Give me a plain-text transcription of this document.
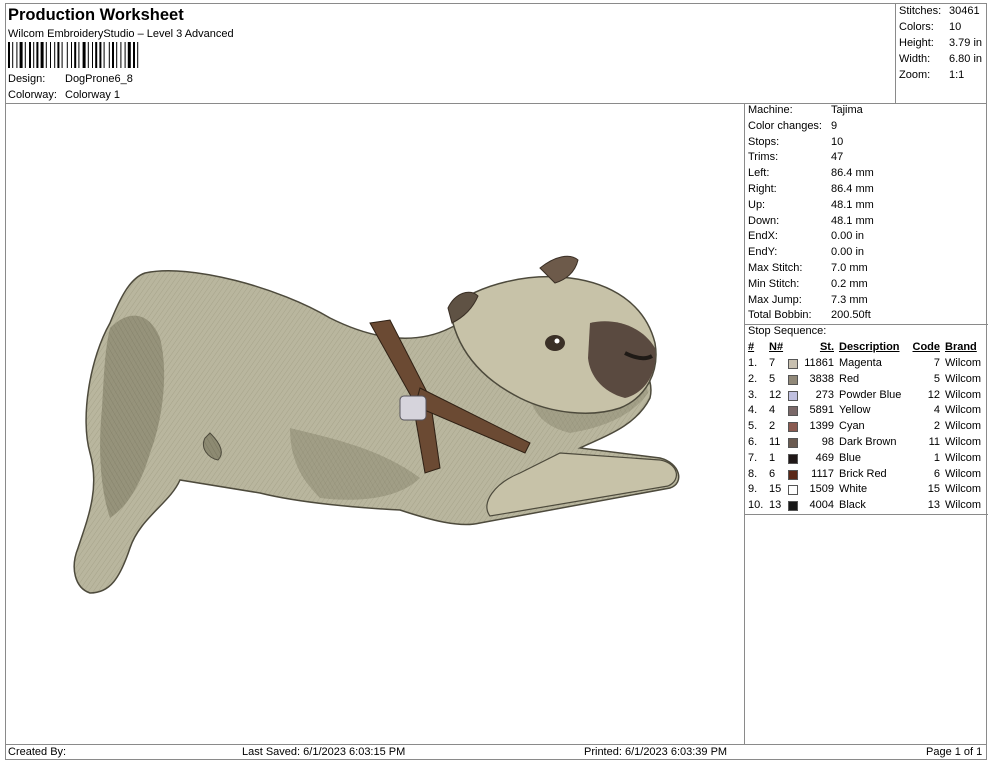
Production Worksheet
Wilcom EmbroideryStudio – Level 3 Advanced
Design: DogProne6_8
Colorway: Colorway 1
Stitches: 30461
Colors: 10
Height: 3.79 in
Width: 6.80 in
Zoom: 1:1
Machine:	Tajima
Color changes: 9
Stops:	10
Trims:	47
Left:	86.4 mm
Right:	86.4 mm
Up:	48.1 mm
Down:	48.1 mm
EndX:	0.00 in
EndY:	0.00 in
Max Stitch:	7.0 mm
Min Stitch:	0.2 mm
Max Jump:	7.3 mm
Total Bobbin: 200.50ft
Stop Sequence:
# N#	St. Description Code Brand
1. 7	11861 Magenta	7 Wilcom
2. 5	3838 Red	5 Wilcom
3. 12	273 Powder Blue 12 Wilcom
4. 4	5891 Yellow	4 Wilcom
5. 2	1399 Cyan	2 Wilcom
6. 11	98 Dark Brown	11 Wilcom
7. 1	469 Blue	1 Wilcom
8. 6	1117 Brick Red	6 Wilcom
9. 15	1509 White	15 Wilcom
10. 13	4004 Black	13 Wilcom
Created By:	Last Saved: 6/1/2023 6:03:15 PM	Printed: 6/1/2023 6:03:39 PM	Page 1 of 1
